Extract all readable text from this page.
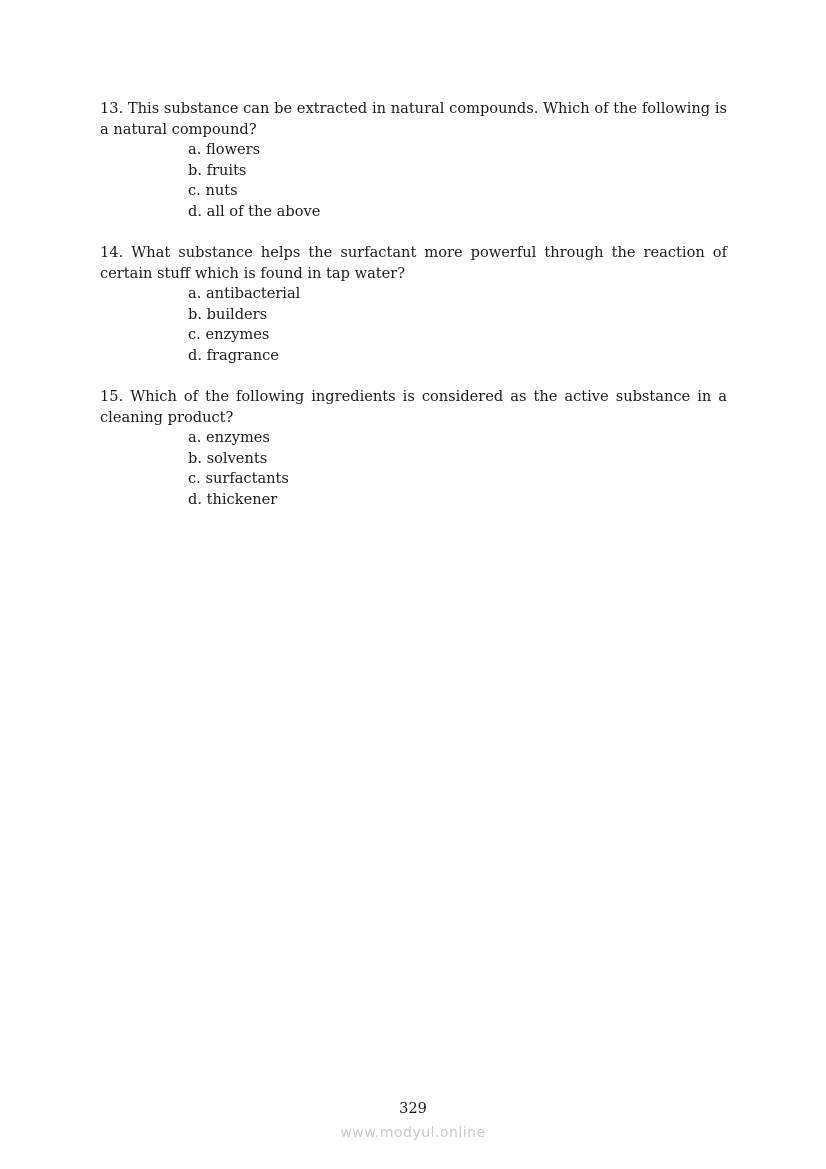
13. This substance can be extracted in natural compounds. Which of the following is a natural compound?

a. flowers
b. fruits
c. nuts
d. all of the above

14. What substance helps the surfactant more powerful through the reaction of certain stuff which is found in tap water?

a. antibacterial
b. builders
c. enzymes
d. fragrance

15. Which of the following ingredients is considered as the active substance in a cleaning product?

a. enzymes
b. solvents
c. surfactants
d. thickener
329
www.modyul.online
